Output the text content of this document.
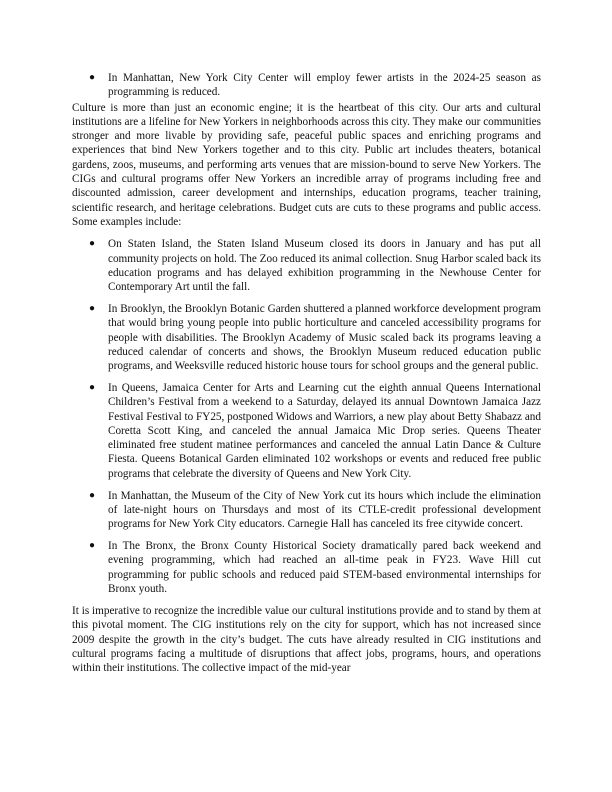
● In Manhattan, New York City Center will employ fewer artists in the 2024-25 season as programming is reduced.

Culture is more than just an economic engine; it is the heartbeat of this city. Our arts and cultural institutions are a lifeline for New Yorkers in neighborhoods across this city. They make our communities stronger and more livable by providing safe, peaceful public spaces and enriching programs and experiences that bind New Yorkers together and to this city. Public art includes theaters, botanical gardens, zoos, museums, and performing arts venues that are mission-bound to serve New Yorkers. The CIGs and cultural programs offer New Yorkers an incredible array of programs including free and discounted admission, career development and internships, education programs, teacher training, scientific research, and heritage celebrations. Budget cuts are cuts to these programs and public access. Some examples include:

● On Staten Island, the Staten Island Museum closed its doors in January and has put all community projects on hold. The Zoo reduced its animal collection. Snug Harbor scaled back its education programs and has delayed exhibition programming in the Newhouse Center for Contemporary Art until the fall.
● In Brooklyn, the Brooklyn Botanic Garden shuttered a planned workforce development program that would bring young people into public horticulture and canceled accessibility programs for people with disabilities. The Brooklyn Academy of Music scaled back its programs leaving a reduced calendar of concerts and shows, the Brooklyn Museum reduced education public programs, and Weeksville reduced historic house tours for school groups and the general public.
● In Queens, Jamaica Center for Arts and Learning cut the eighth annual Queens International Children’s Festival from a weekend to a Saturday, delayed its annual Downtown Jamaica Jazz Festival Festival to FY25, postponed Widows and Warriors, a new play about Betty Shabazz and Coretta Scott King, and canceled the annual Jamaica Mic Drop series. Queens Theater eliminated free student matinee performances and canceled the annual Latin Dance & Culture Fiesta. Queens Botanical Garden eliminated 102 workshops or events and reduced free public programs that celebrate the diversity of Queens and New York City.
● In Manhattan, the Museum of the City of New York cut its hours which include the elimination of late-night hours on Thursdays and most of its CTLE-credit professional development programs for New York City educators. Carnegie Hall has canceled its free citywide concert.
● In The Bronx, the Bronx County Historical Society dramatically pared back weekend and evening programming, which had reached an all-time peak in FY23. Wave Hill cut programming for public schools and reduced paid STEM-based environmental internships for Bronx youth.

It is imperative to recognize the incredible value our cultural institutions provide and to stand by them at this pivotal moment. The CIG institutions rely on the city for support, which has not increased since 2009 despite the growth in the city’s budget. The cuts have already resulted in CIG institutions and cultural programs facing a multitude of disruptions that affect jobs, programs, hours, and operations within their institutions. The collective impact of the mid-year
